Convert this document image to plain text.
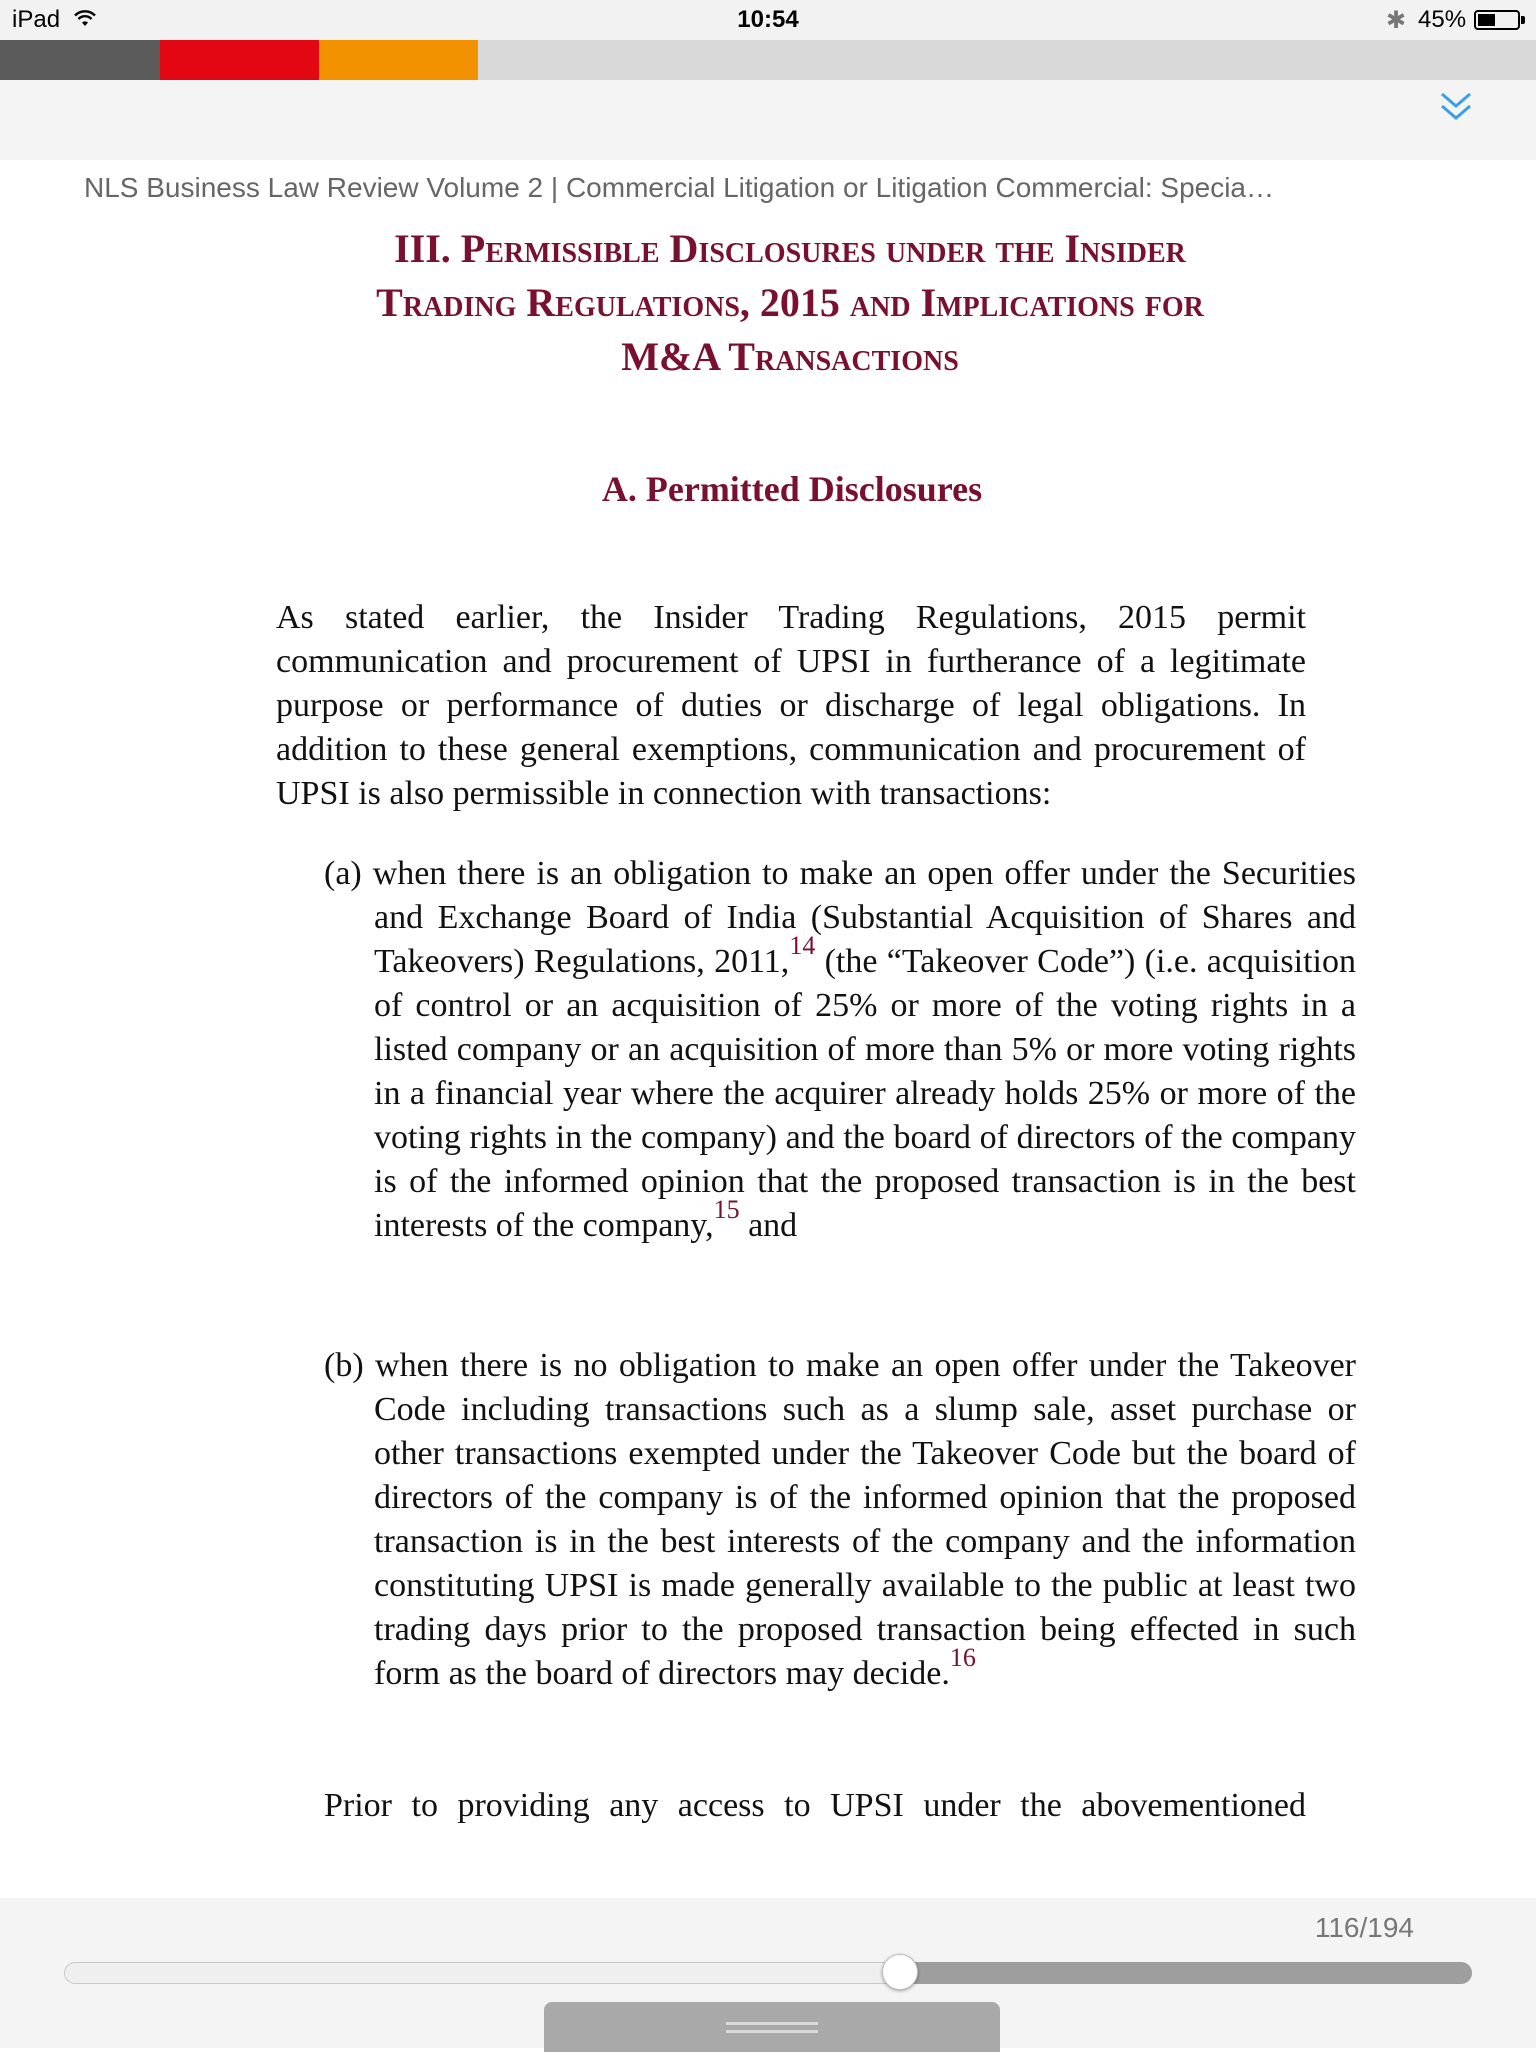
iPad	10:54	✱ 45%
NLS Business Law Review Volume 2 | Commercial Litigation or Litigation Commercial: Specia…
III. Permissible Disclosures under the Insider
Trading Regulations, 2015 and Implications for
M&A Transactions
A. Permitted Disclosures
As stated earlier, the Insider Trading Regulations, 2015 permit communication and procurement of UPSI in furtherance of a legitimate purpose or performance of duties or discharge of legal obligations. In addition to these general exemptions, communication and procurement of UPSI is also permissible in connection with transactions:
(a) when there is an obligation to make an open offer under the Securities and Exchange Board of India (Substantial Acquisition of Shares and Takeovers) Regulations, 2011,14 (the “Takeover Code”) (i.e. acquisition of control or an acquisition of 25% or more of the voting rights in a listed company or an acquisition of more than 5% or more voting rights in a financial year where the acquirer already holds 25% or more of the voting rights in the company) and the board of directors of the company is of the informed opinion that the proposed transaction is in the best interests of the company,$^{15}$ and
(b) when there is no obligation to make an open offer under the Takeover Code including transactions such as a slump sale, asset purchase or other transactions exempted under the Takeover Code but the board of directors of the company is of the informed opinion that the proposed transaction is in the best interests of the company and the information constituting UPSI is made generally available to the public at least two trading days prior to the proposed transaction being effected in such form as the board of directors may decide.$^{16}$
Prior to providing any access to UPSI under the abovementioned
116/194
